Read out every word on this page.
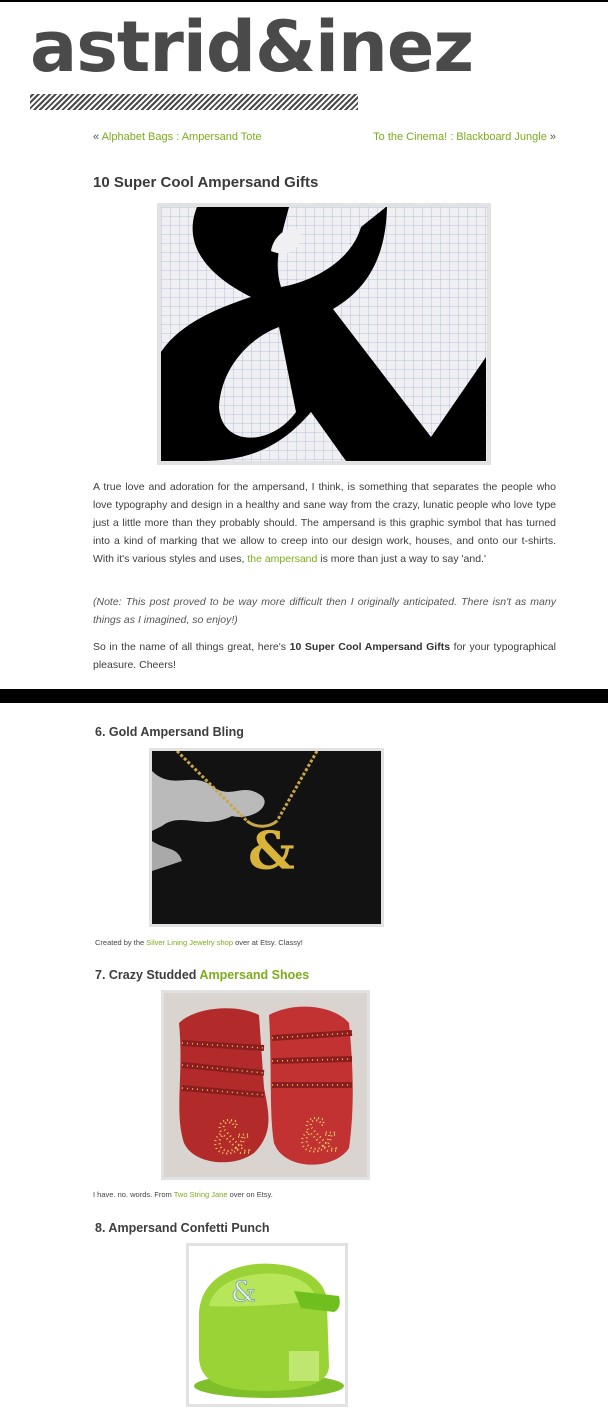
astrid&inez
« Alphabet Bags : Ampersand Tote	To the Cinema! : Blackboard Jungle »
10 Super Cool Ampersand Gifts

A true love and adoration for the ampersand, I think, is something that separates the people who love typography and design in a healthy and sane way from the crazy, lunatic people who love type just a little more than they probably should. The ampersand is this graphic symbol that has turned into a kind of marking that we allow to creep into our design work, houses, and onto our t-shirts. With it's various styles and uses, the ampersand is more than just a way to say 'and.'

(Note: This post proved to be way more difficult then I originally anticipated. There isn't as many things as I imagined, so enjoy!)

So in the name of all things great, here's 10 Super Cool Ampersand Gifts for your typographical pleasure. Cheers!

6. Gold Ampersand Bling
&
Created by the Silver Lining Jewelry shop over at Etsy. Classy!
7. Crazy Studded Ampersand Shoes
& &
I have. no. words. From Two String Jane over on Etsy.
8. Ampersand Confetti Punch
&
